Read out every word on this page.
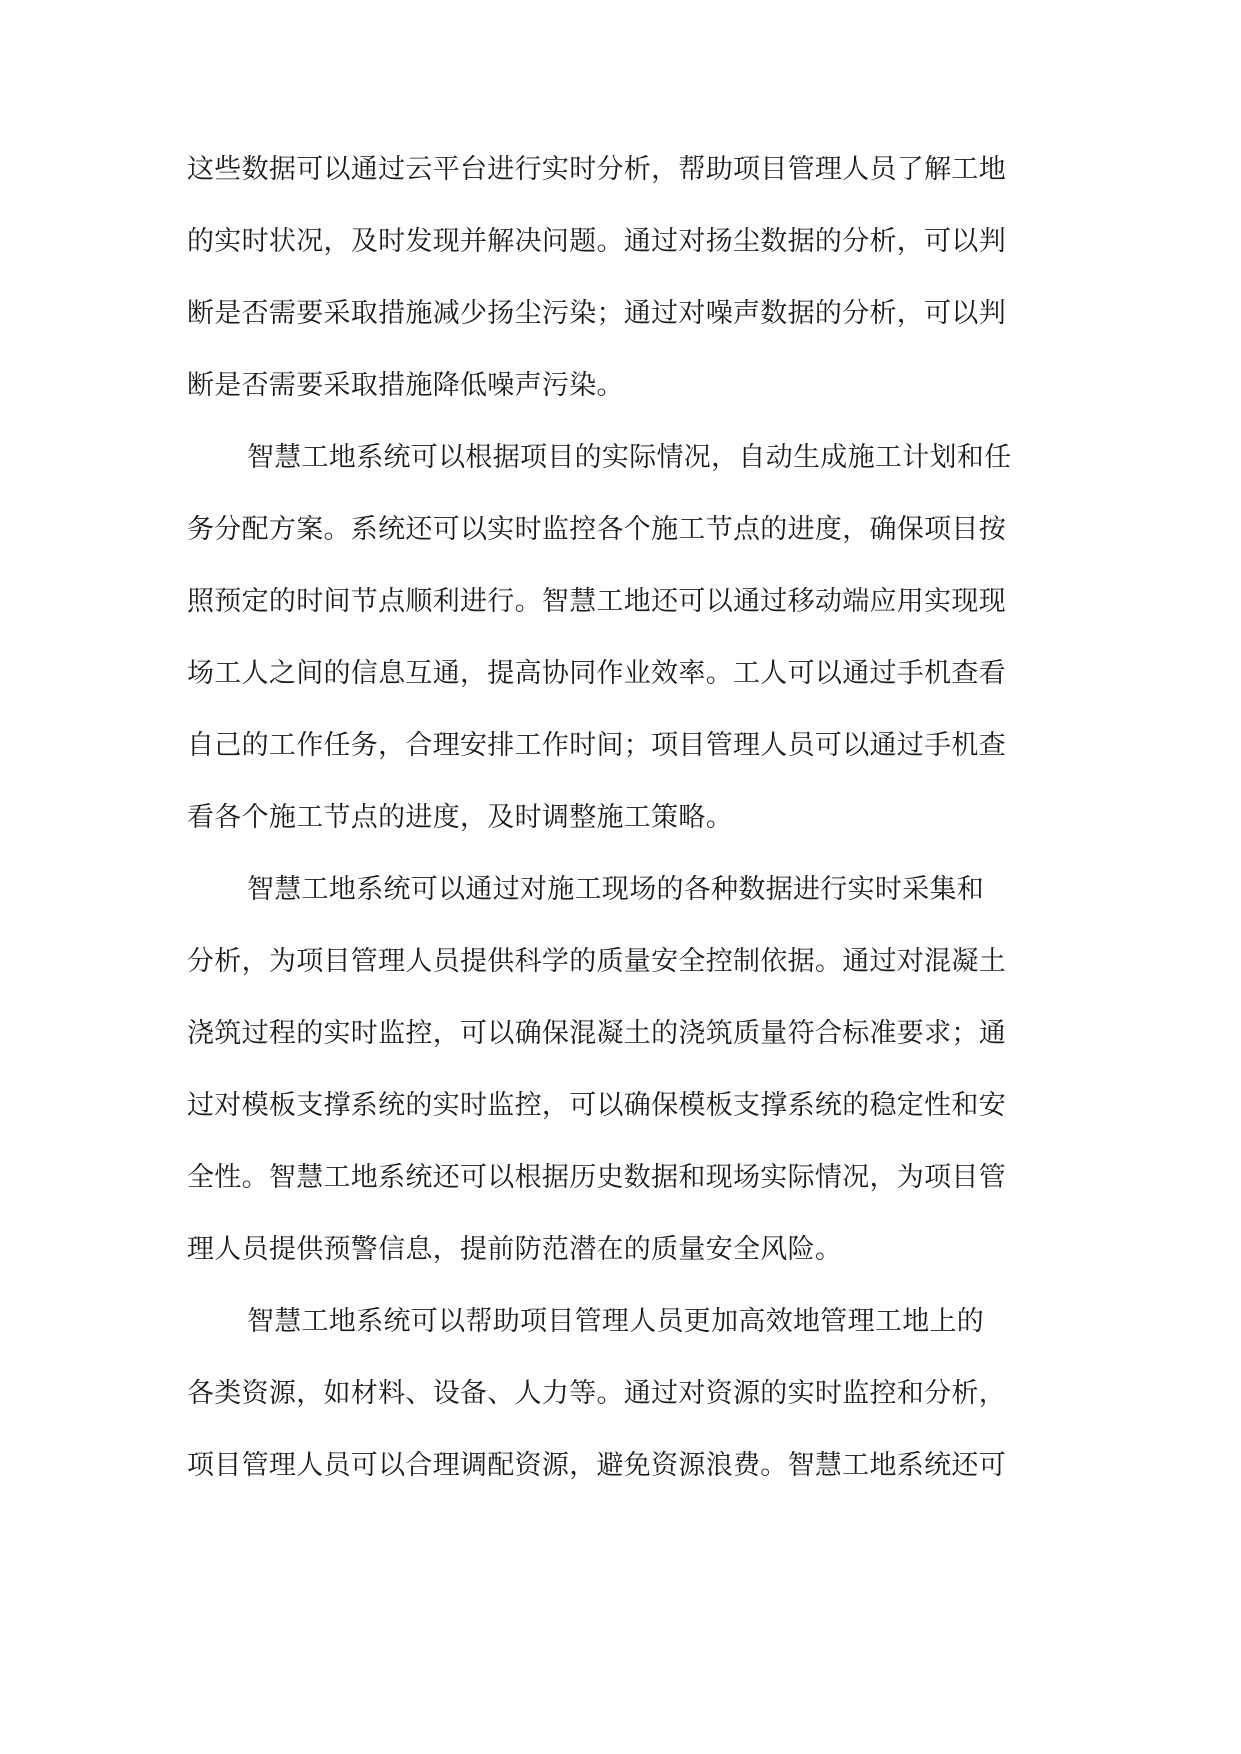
这些数据可以通过云平台进行实时分析，帮助项目管理人员了解工地
的实时状况，及时发现并解决问题。通过对扬尘数据的分析，可以判
断是否需要采取措施减少扬尘污染；通过对噪声数据的分析，可以判
断是否需要采取措施降低噪声污染。
智慧工地系统可以根据项目的实际情况，自动生成施工计划和任
务分配方案。系统还可以实时监控各个施工节点的进度，确保项目按
照预定的时间节点顺利进行。智慧工地还可以通过移动端应用实现现
场工人之间的信息互通，提高协同作业效率。工人可以通过手机查看
自己的工作任务，合理安排工作时间；项目管理人员可以通过手机查
看各个施工节点的进度，及时调整施工策略。
智慧工地系统可以通过对施工现场的各种数据进行实时采集和
分析，为项目管理人员提供科学的质量安全控制依据。通过对混凝土
浇筑过程的实时监控，可以确保混凝土的浇筑质量符合标准要求；通
过对模板支撑系统的实时监控，可以确保模板支撑系统的稳定性和安
全性。智慧工地系统还可以根据历史数据和现场实际情况，为项目管
理人员提供预警信息，提前防范潜在的质量安全风险。
智慧工地系统可以帮助项目管理人员更加高效地管理工地上的
各类资源，如材料、设备、人力等。通过对资源的实时监控和分析，
项目管理人员可以合理调配资源，避免资源浪费。智慧工地系统还可
